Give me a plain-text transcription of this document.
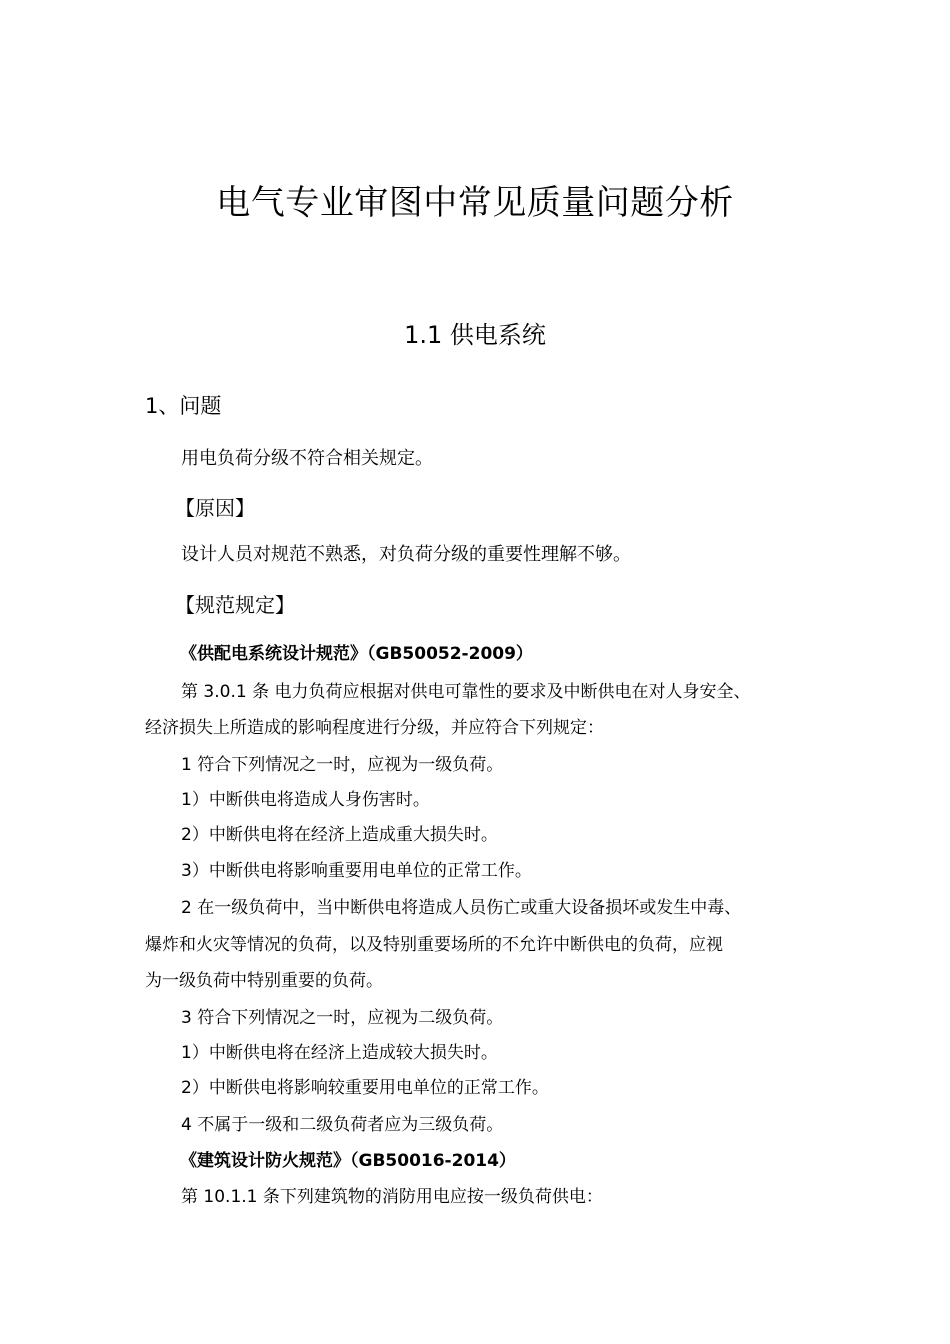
电气专业审图中常见质量问题分析
1.1 供电系统
1、问题
用电负荷分级不符合相关规定。
【原因】
设计人员对规范不熟悉，对负荷分级的重要性理解不够。
【规范规定】
《供配电系统设计规范》（GB50052-2009）
第 3.0.1 条 电力负荷应根据对供电可靠性的要求及中断供电在对人身安全、
经济损失上所造成的影响程度进行分级，并应符合下列规定：
1 符合下列情况之一时，应视为一级负荷。
1）中断供电将造成人身伤害时。
2）中断供电将在经济上造成重大损失时。
3）中断供电将影响重要用电单位的正常工作。
2 在一级负荷中，当中断供电将造成人员伤亡或重大设备损坏或发生中毒、
爆炸和火灾等情况的负荷，以及特别重要场所的不允许中断供电的负荷，应视
为一级负荷中特别重要的负荷。
3 符合下列情况之一时，应视为二级负荷。
1）中断供电将在经济上造成较大损失时。
2）中断供电将影响较重要用电单位的正常工作。
4 不属于一级和二级负荷者应为三级负荷。
《建筑设计防火规范》（GB50016-2014）
第 10.1.1 条下列建筑物的消防用电应按一级负荷供电：
